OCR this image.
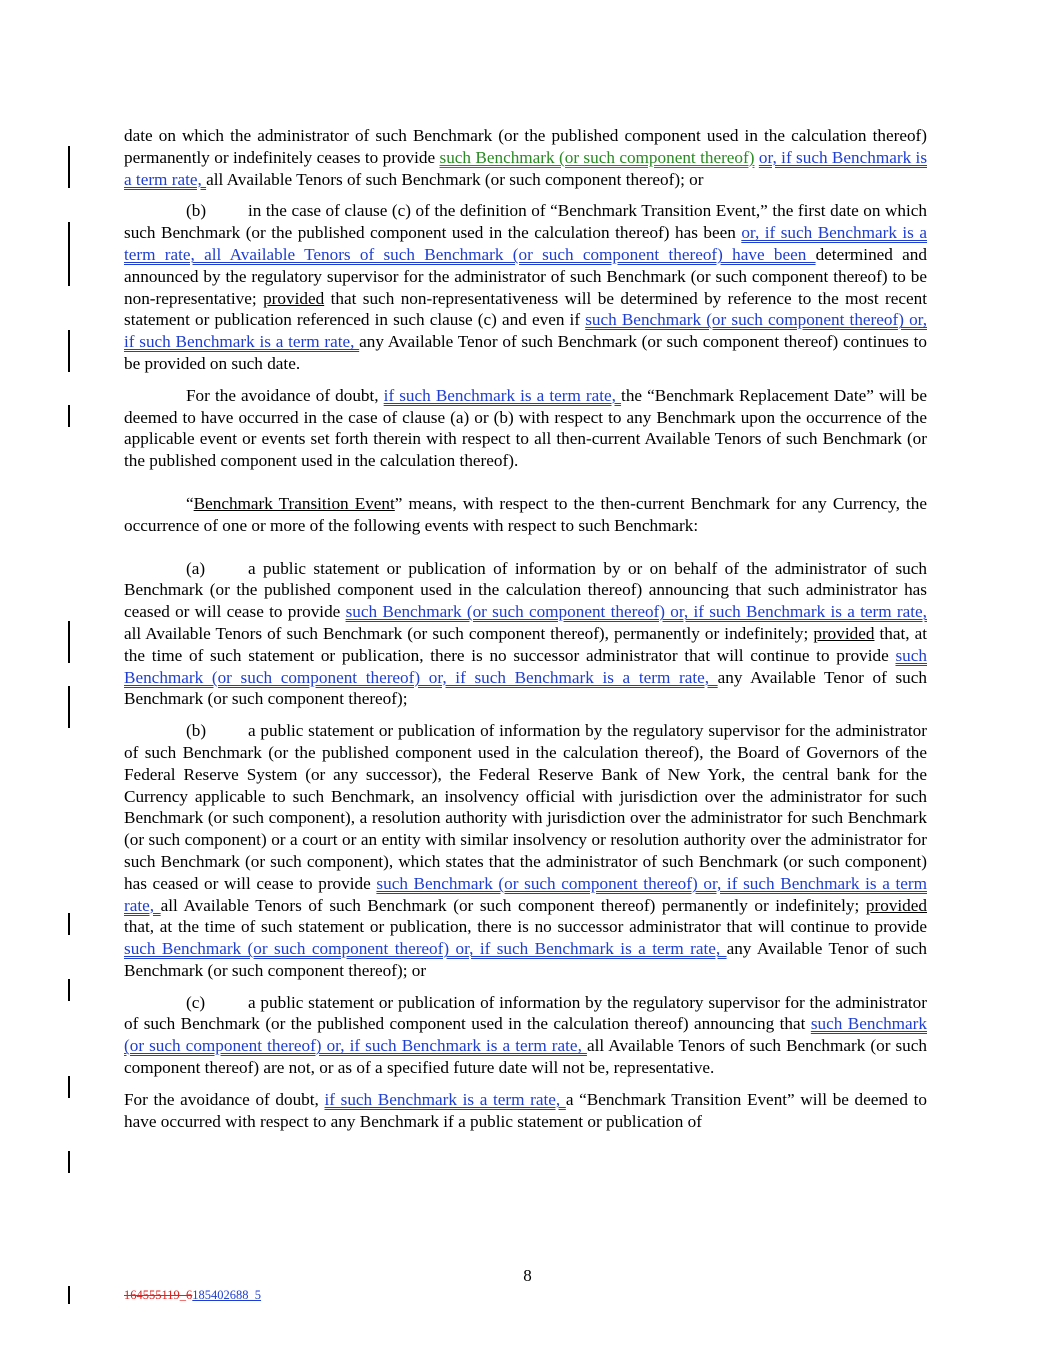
date on which the administrator of such Benchmark (or the published component used in the calculation thereof) permanently or indefinitely ceases to provide such Benchmark (or such component thereof) or, if such Benchmark is a term rate, all Available Tenors of such Benchmark (or such component thereof); or

(b) in the case of clause (c) of the definition of “Benchmark Transition Event,” the first date on which such Benchmark (or the published component used in the calculation thereof) has been or, if such Benchmark is a term rate, all Available Tenors of such Benchmark (or such component thereof) have been determined and announced by the regulatory supervisor for the administrator of such Benchmark (or such component thereof) to be non-representative; provided that such non-representativeness will be determined by reference to the most recent statement or publication referenced in such clause (c) and even if such Benchmark (or such component thereof) or, if such Benchmark is a term rate, any Available Tenor of such Benchmark (or such component thereof) continues to be provided on such date.

For the avoidance of doubt, if such Benchmark is a term rate, the “Benchmark Replacement Date” will be deemed to have occurred in the case of clause (a) or (b) with respect to any Benchmark upon the occurrence of the applicable event or events set forth therein with respect to all then-current Available Tenors of such Benchmark (or the published component used in the calculation thereof).

“Benchmark Transition Event” means, with respect to the then-current Benchmark for any Currency, the occurrence of one or more of the following events with respect to such Benchmark:

(a) a public statement or publication of information by or on behalf of the administrator of such Benchmark (or the published component used in the calculation thereof) announcing that such administrator has ceased or will cease to provide such Benchmark (or such component thereof) or, if such Benchmark is a term rate, all Available Tenors of such Benchmark (or such component thereof), permanently or indefinitely; provided that, at the time of such statement or publication, there is no successor administrator that will continue to provide such Benchmark (or such component thereof) or, if such Benchmark is a term rate, any Available Tenor of such Benchmark (or such component thereof);

(b) a public statement or publication of information by the regulatory supervisor for the administrator of such Benchmark (or the published component used in the calculation thereof), the Board of Governors of the Federal Reserve System (or any successor), the Federal Reserve Bank of New York, the central bank for the Currency applicable to such Benchmark, an insolvency official with jurisdiction over the administrator for such Benchmark (or such component), a resolution authority with jurisdiction over the administrator for such Benchmark (or such component) or a court or an entity with similar insolvency or resolution authority over the administrator for such Benchmark (or such component), which states that the administrator of such Benchmark (or such component) has ceased or will cease to provide such Benchmark (or such component thereof) or, if such Benchmark is a term rate, all Available Tenors of such Benchmark (or such component thereof) permanently or indefinitely; provided that, at the time of such statement or publication, there is no successor administrator that will continue to provide such Benchmark (or such component thereof) or, if such Benchmark is a term rate, any Available Tenor of such Benchmark (or such component thereof); or

(c) a public statement or publication of information by the regulatory supervisor for the administrator of such Benchmark (or the published component used in the calculation thereof) announcing that such Benchmark (or such component thereof) or, if such Benchmark is a term rate, all Available Tenors of such Benchmark (or such component thereof) are not, or as of a specified future date will not be, representative.

For the avoidance of doubt, if such Benchmark is a term rate, a “Benchmark Transition Event” will be deemed to have occurred with respect to any Benchmark if a public statement or publication of

8
164555119_6185402688_5
